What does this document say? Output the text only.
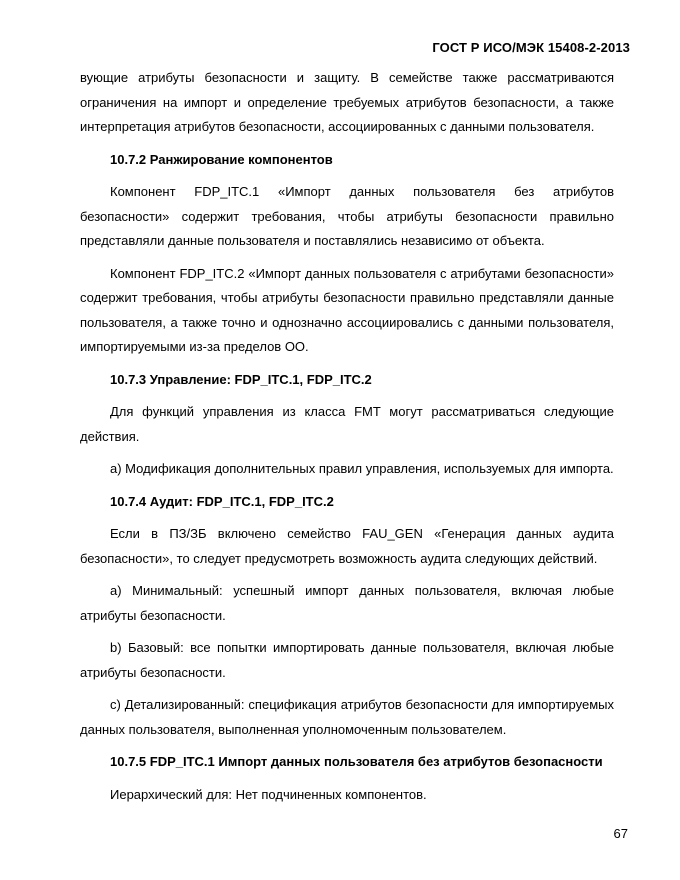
ГОСТ Р ИСО/МЭК 15408-2-2013

вующие атрибуты безопасности и защиту. В семействе также рассматриваются ограничения на импорт и определение требуемых атрибутов безопасности, а также интерпретация атрибутов безопасности, ассоциированных с данными пользователя.

10.7.2 Ранжирование компонентов

Компонент FDP_ITC.1 «Импорт данных пользователя без атрибутов безопасности» содержит требования, чтобы атрибуты безопасности правильно представляли данные пользователя и поставлялись независимо от объекта.

Компонент FDP_ITC.2 «Импорт данных пользователя с атрибутами безопасности» содержит требования, чтобы атрибуты безопасности правильно представляли данные пользователя, а также точно и однозначно ассоциировались с данными пользователя, импортируемыми из-за пределов ОО.

10.7.3 Управление: FDP_ITC.1, FDP_ITC.2

Для функций управления из класса FMT могут рассматриваться следующие действия.

a) Модификация дополнительных правил управления, используемых для импорта.

10.7.4 Аудит: FDP_ITC.1, FDP_ITC.2

Если в ПЗ/ЗБ включено семейство FAU_GEN «Генерация данных аудита безопасности», то следует предусмотреть возможность аудита следующих действий.

a) Минимальный: успешный импорт данных пользователя, включая любые атрибуты безопасности.

b) Базовый: все попытки импортировать данные пользователя, включая любые атрибуты безопасности.

c) Детализированный: спецификация атрибутов безопасности для импортируемых данных пользователя, выполненная уполномоченным пользователем.

10.7.5 FDP_ITC.1 Импорт данных пользователя без атрибутов безопасности

Иерархический для: Нет подчиненных компонентов.

67
